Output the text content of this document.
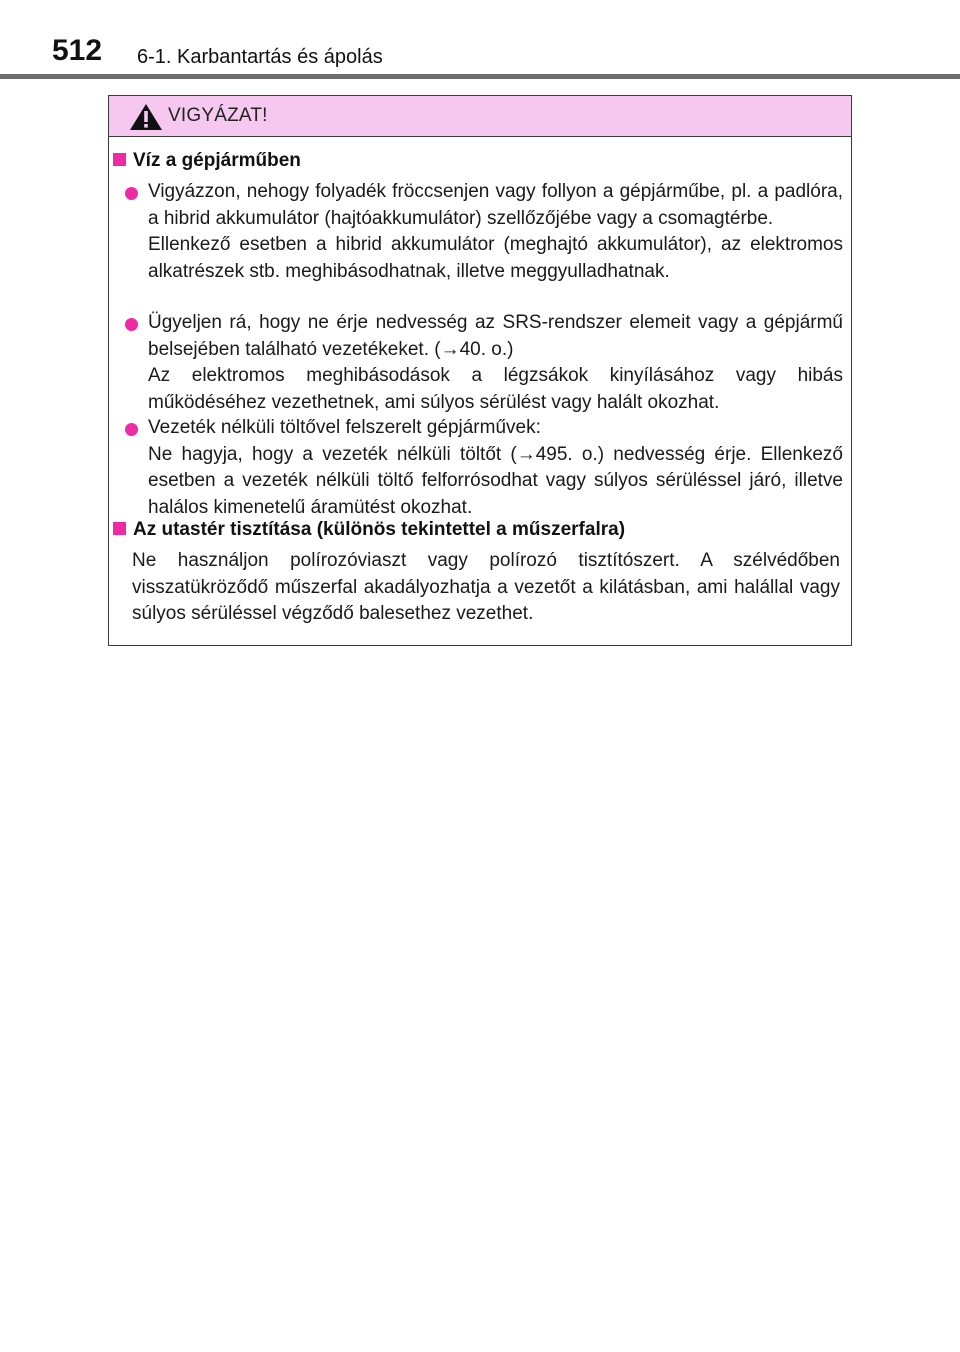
512 6-1. Karbantartás és ápolás
VIGYÁZAT!
Víz a gépjárműben
Vigyázzon, nehogy folyadék fröccsenjen vagy follyon a gépjárműbe, pl. a padlóra, a hibrid akkumulátor (hajtóakkumulátor) szellőzőjébe vagy a csomagtérbe.
Ellenkező esetben a hibrid akkumulátor (meghajtó akkumulátor), az elektromos alkatrészek stb. meghibásodhatnak, illetve meggyulladhatnak.
Ügyeljen rá, hogy ne érje nedvesség az SRS-rendszer elemeit vagy a gépjármű belsejében található vezetékeket. (→40. o.)
Az elektromos meghibásodások a légzsákok kinyílásához vagy hibás működéséhez vezethetnek, ami súlyos sérülést vagy halált okozhat.
Vezeték nélküli töltővel felszerelt gépjárművek:
Ne hagyja, hogy a vezeték nélküli töltőt (→495. o.) nedvesség érje. Ellenkező esetben a vezeték nélküli töltő felforrósodhat vagy súlyos sérüléssel járó, illetve halálos kimenetelű áramütést okozhat.
Az utastér tisztítása (különös tekintettel a műszerfalra)
Ne használjon polírozóviaszt vagy polírozó tisztítószert. A szélvédőben visszatükröződő műszerfal akadályozhatja a vezetőt a kilátásban, ami halállal vagy súlyos sérüléssel végződő balesethez vezethet.
